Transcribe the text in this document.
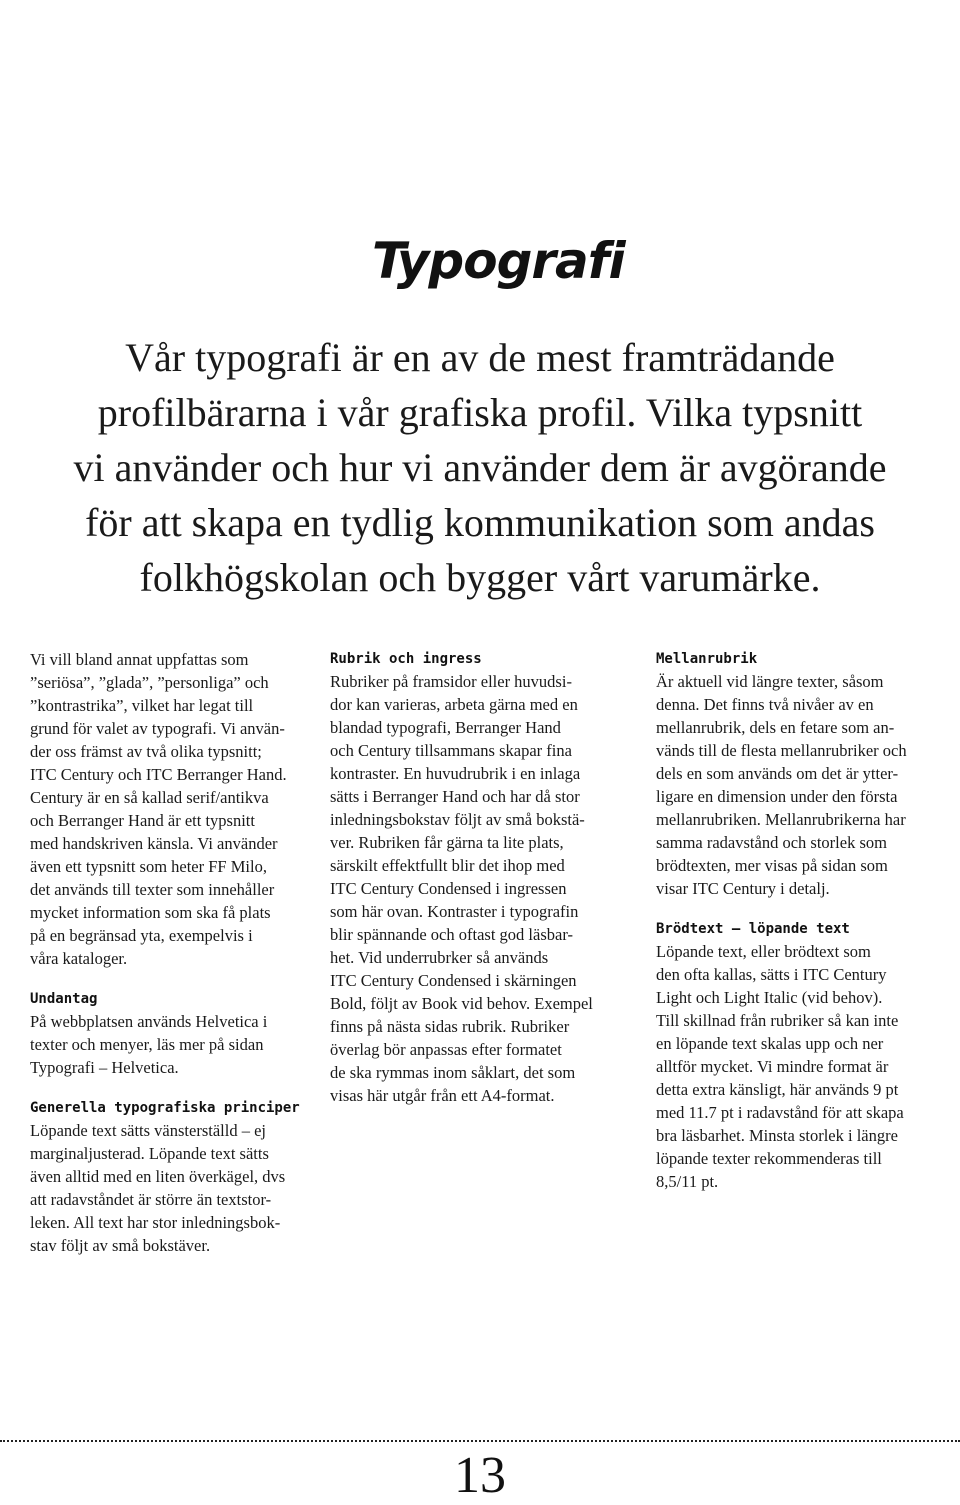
Typografi
Vår typografi är en av de mest framträdande
profilbärarna i vår grafiska profil. Vilka typsnitt
vi använder och hur vi använder dem är avgörande
för att skapa en tydlig kommunikation som andas
folkhögskolan och bygger vårt varumärke.
Vi vill bland annat uppfattas som
”seriösa”, ”glada”, ”personliga” och
”kontrastrika”, vilket har legat till
grund för valet av typografi. Vi använ-
der oss främst av två olika typsnitt;
ITC Century och ITC Berranger Hand.
Century är en så kallad serif/antikva
och Berranger Hand är ett typsnitt
med handskriven känsla. Vi använder
även ett typsnitt som heter FF Milo,
det används till texter som innehåller
mycket information som ska få plats
på en begränsad yta, exempelvis i
våra kataloger.
Undantag
På webbplatsen används Helvetica i
texter och menyer, läs mer på sidan
Typografi – Helvetica.
Generella typografiska principer
Löpande text sätts vänsterställd – ej
marginaljusterad. Löpande text sätts
även alltid med en liten överkägel, dvs
att radavståndet är större än textstor-
leken. All text har stor inledningsbok-
stav följt av små bokstäver.
Rubrik och ingress
Rubriker på framsidor eller huvudsi-
dor kan varieras, arbeta gärna med en
blandad typografi, Berranger Hand
och Century tillsammans skapar fina
kontraster. En huvudrubrik i en inlaga
sätts i Berranger Hand och har då stor
inledningsbokstav följt av små bokstä-
ver. Rubriken får gärna ta lite plats,
särskilt effektfullt blir det ihop med
ITC Century Condensed i ingressen
som här ovan. Kontraster i typografin
blir spännande och oftast god läsbar-
het. Vid underrubrker så används
ITC Century Condensed i skärningen
Bold, följt av Book vid behov. Exempel
finns på nästa sidas rubrik. Rubriker
överlag bör anpassas efter formatet
de ska rymmas inom såklart, det som
visas här utgår från ett A4-format.
Mellanrubrik
Är aktuell vid längre texter, såsom
denna. Det finns två nivåer av en
mellanrubrik, dels en fetare som an-
vänds till de flesta mellanrubriker och
dels en som används om det är ytter-
ligare en dimension under den första
mellanrubriken. Mellanrubrikerna har
samma radavstånd och storlek som
brödtexten, mer visas på sidan som
visar ITC Century i detalj.
Brödtext – löpande text
Löpande text, eller brödtext som
den ofta kallas, sätts i ITC Century
Light och Light Italic (vid behov).
Till skillnad från rubriker så kan inte
en löpande text skalas upp och ner
alltför mycket. Vi mindre format är
detta extra känsligt, här används 9 pt
med 11.7 pt i radavstånd för att skapa
bra läsbarhet. Minsta storlek i längre
löpande texter rekommenderas till
8,5/11 pt.
13
